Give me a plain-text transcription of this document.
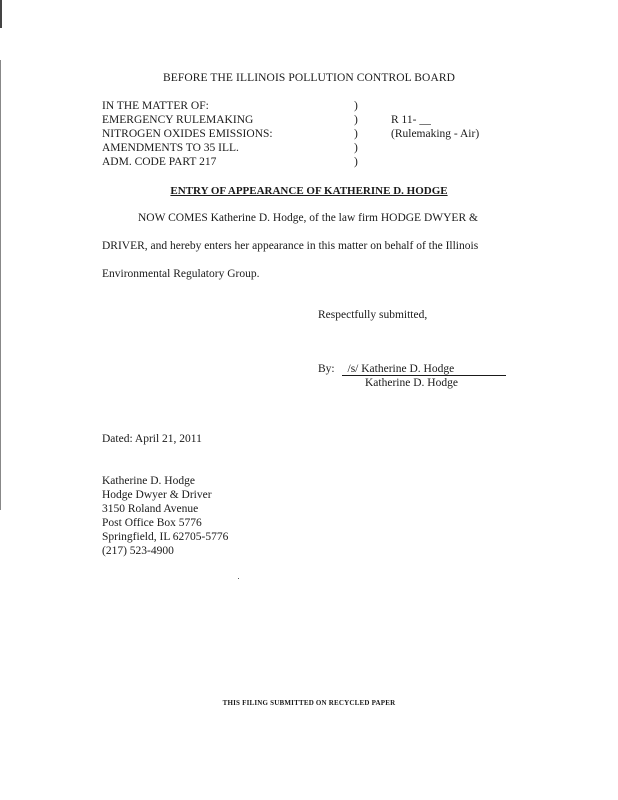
BEFORE THE ILLINOIS POLLUTION CONTROL BOARD
IN THE MATTER OF:
EMERGENCY RULEMAKING
NITROGEN OXIDES EMISSIONS:
AMENDMENTS TO 35 ILL.
ADM. CODE PART 217
)
)
)
)
)
R 11- __
(Rulemaking - Air)
ENTRY OF APPEARANCE OF KATHERINE D. HODGE
NOW COMES Katherine D. Hodge, of the law firm HODGE DWYER &
DRIVER, and hereby enters her appearance in this matter on behalf of the Illinois
Environmental Regulatory Group.
Respectfully submitted,
By: /s/ Katherine D. Hodge
Katherine D. Hodge
Dated: April 21, 2011
Katherine D. Hodge
Hodge Dwyer & Driver
3150 Roland Avenue
Post Office Box 5776
Springfield, IL 62705-5776
(217) 523-4900
THIS FILING SUBMITTED ON RECYCLED PAPER
